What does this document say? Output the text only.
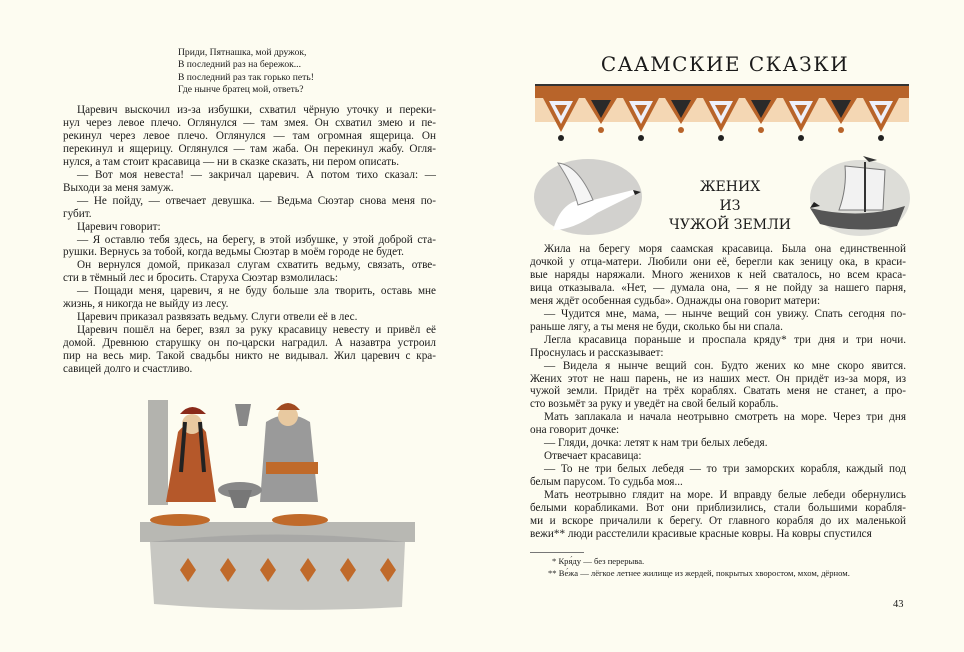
Приди, Пятнашка, мой дружок,
В последний раз на бережок...
В последний раз так горько петь!
Где нынче братец мой, ответь?
Царевич выскочил из-за избушки, схватил чёрную уточку и переки-
нул через левое плечо. Оглянулся — там змея. Он схватил змею и пе-
рекинул через левое плечо. Оглянулся — там огромная ящерица. Он
перекинул и ящерицу. Оглянулся — там жаба. Он перекинул жабу. Огля-
нулся, а там стоит красавица — ни в сказке сказать, ни пером описать.
— Вот моя невеста! — закричал царевич. А потом тихо сказал: —
Выходи за меня замуж.
— Не пойду, — отвечает девушка. — Ведьма Сюэтар снова меня по-
губит.
Царевич говорит:
— Я оставлю тебя здесь, на берегу, в этой избушке, у этой доброй ста-
рушки. Вернусь за тобой, когда ведьмы Сюэтар в моём городе не будет.
Он вернулся домой, приказал слугам схватить ведьму, связать, отве-
сти в тёмный лес и бросить. Старуха Сюэтар взмолилась:
— Пощади меня, царевич, я не буду больше зла творить, оставь мне
жизнь, я никогда не выйду из лесу.
Царевич приказал развязать ведьму. Слуги отвели её в лес.
Царевич пошёл на берег, взял за руку красавицу невесту и привёл её
домой. Древнюю старушку он по-царски наградил. А назавтра устроил
пир на весь мир. Такой свадьбы никто не видывал. Жил царевич с кра-
савицей долго и счастливо.
САAМСКИЕ СКАЗКИ
ЖЕНИХ
ИЗ
ЧУЖОЙ ЗЕМЛИ
Жила на берегу моря саамская красавица. Была она единственной
дочкой у отца-матери. Любили они её, берегли как зеницу ока, в краси-
вые наряды наряжали. Много женихов к ней сваталось, но всем краса-
вица отказывала. «Нет, — думала она, — я не пойду за нашего парня,
меня ждёт особенная судьба». Однажды она говорит матери:
— Чудится мне, мама, — нынче вещий сон увижу. Спать сегодня по-
раньше лягу, а ты меня не буди, сколько бы ни спала.
Легла красавица пораньше и проспала кряду* три дня и три ночи.
Проснулась и рассказывает:
— Видела я нынче вещий сон. Будто жених ко мне скоро явится.
Жених этот не наш парень, не из наших мест. Он придёт из-за моря, из
чужой земли. Придёт на трёх кораблях. Сватать меня не станет, а про-
сто возьмёт за руку и уведёт на свой белый корабль.
Мать заплакала и начала неотрывно смотреть на море. Через три дня
она говорит дочке:
— Гляди, дочка: летят к нам три белых лебедя.
Отвечает красавица:
— То не три белых лебедя — то три заморских корабля, каждый под
белым парусом. То судьба моя...
Мать неотрывно глядит на море. И вправду белые лебеди обернулись
белыми корабликами. Вот они приблизились, стали большими корабля-
ми и вскоре причалили к берегу. От главного корабля до их маленькой
вежи** люди расстелили красивые красные ковры. На ковры спустился
* Кря́ду — без перерыва.
** Ве́жа — лёгкое летнее жилище из жердей, покрытых хворостом, мхом, дёрном.
43
